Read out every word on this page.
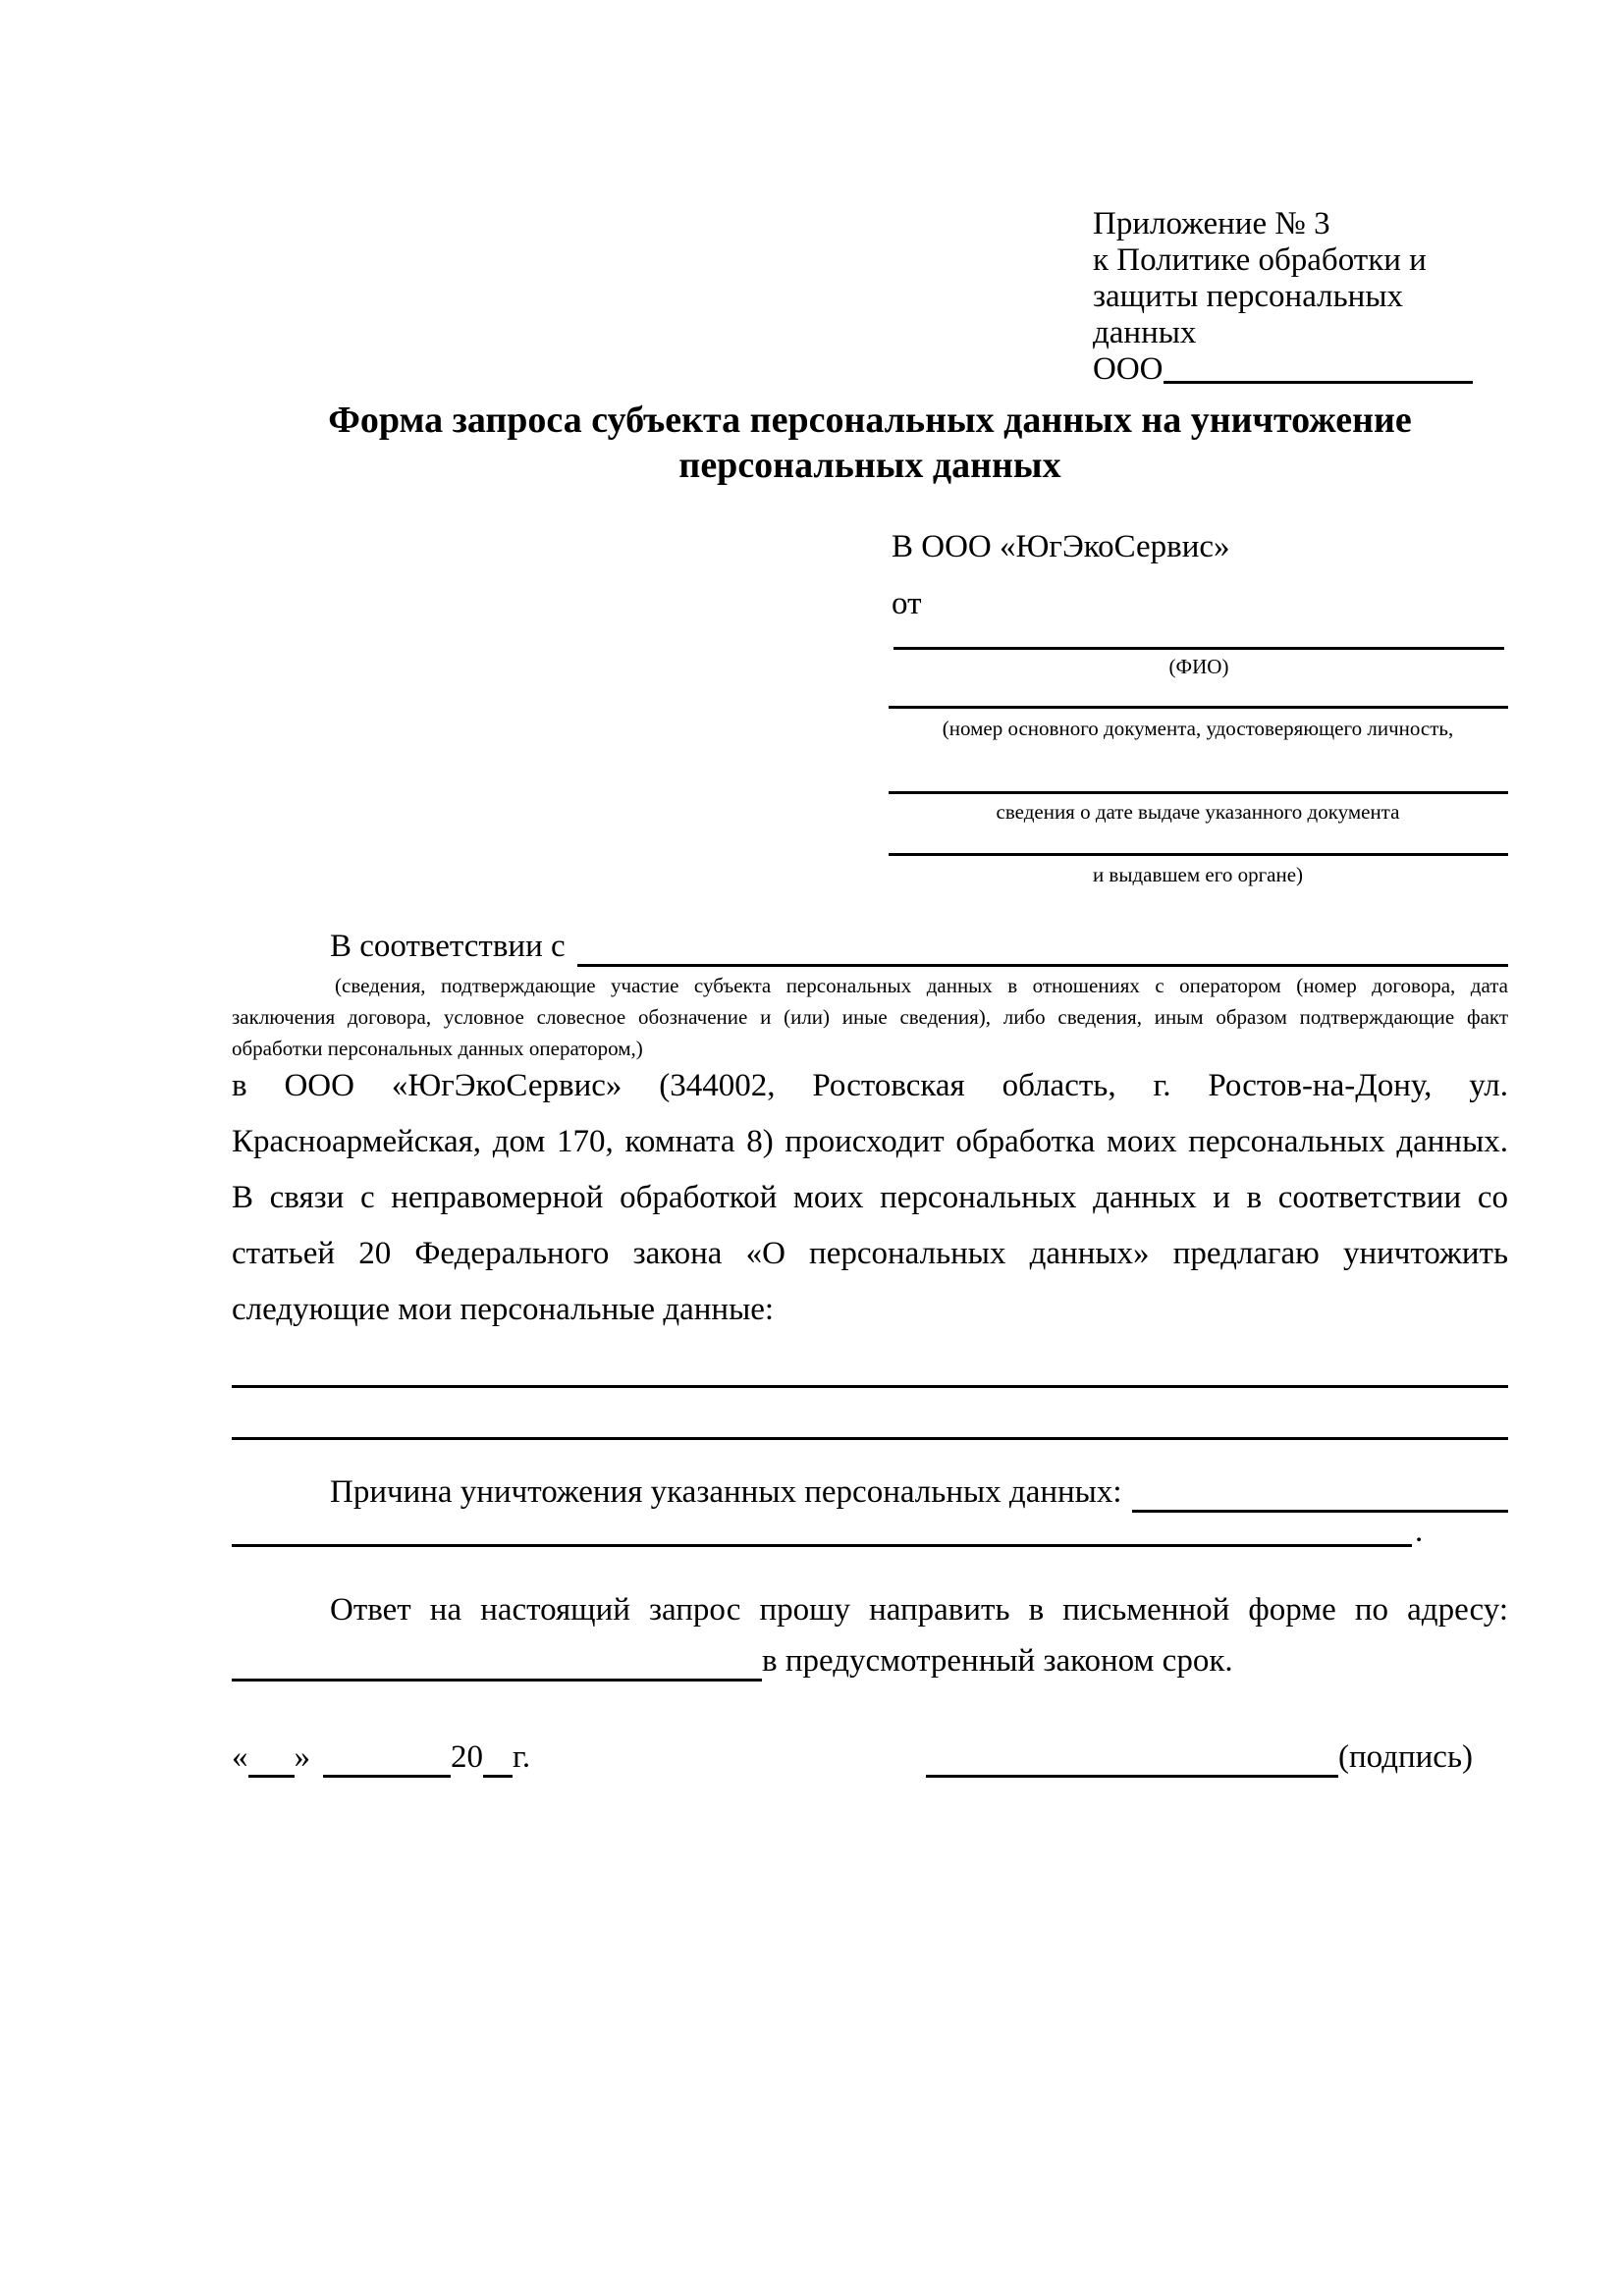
Приложение № 3
к Политике обработки и
защиты персональных данных
ООО
Форма запроса субъекта персональных данных на уничтожение
персональных данных
В ООО «ЮгЭкоСервис»
от
(ФИО)
(номер основного документа, удостоверяющего личность,
сведения о дате выдаче указанного документа
и выдавшем его органе)
В соответствии с
(сведения, подтверждающие участие субъекта персональных данных в отношениях с оператором (номер договора, дата
заключения договора, условное словесное обозначение и (или) иные сведения), либо сведения, иным образом подтверждающие факт
обработки персональных данных оператором,)
в ООО «ЮгЭкоСервис» (344002, Ростовская область, г. Ростов-на-Дону, ул.
Красноармейская, дом 170, комната 8) происходит обработка моих персональных данных.
В связи с неправомерной обработкой моих персональных данных и в соответствии со
статьей 20 Федерального закона «О персональных данных» предлагаю уничтожить
следующие мои персональные данные:
Причина уничтожения указанных персональных данных:
.
Ответ на настоящий запрос прошу направить в письменной форме по адресу:
в предусмотренный законом срок.
« »	20 г.	(подпись)
